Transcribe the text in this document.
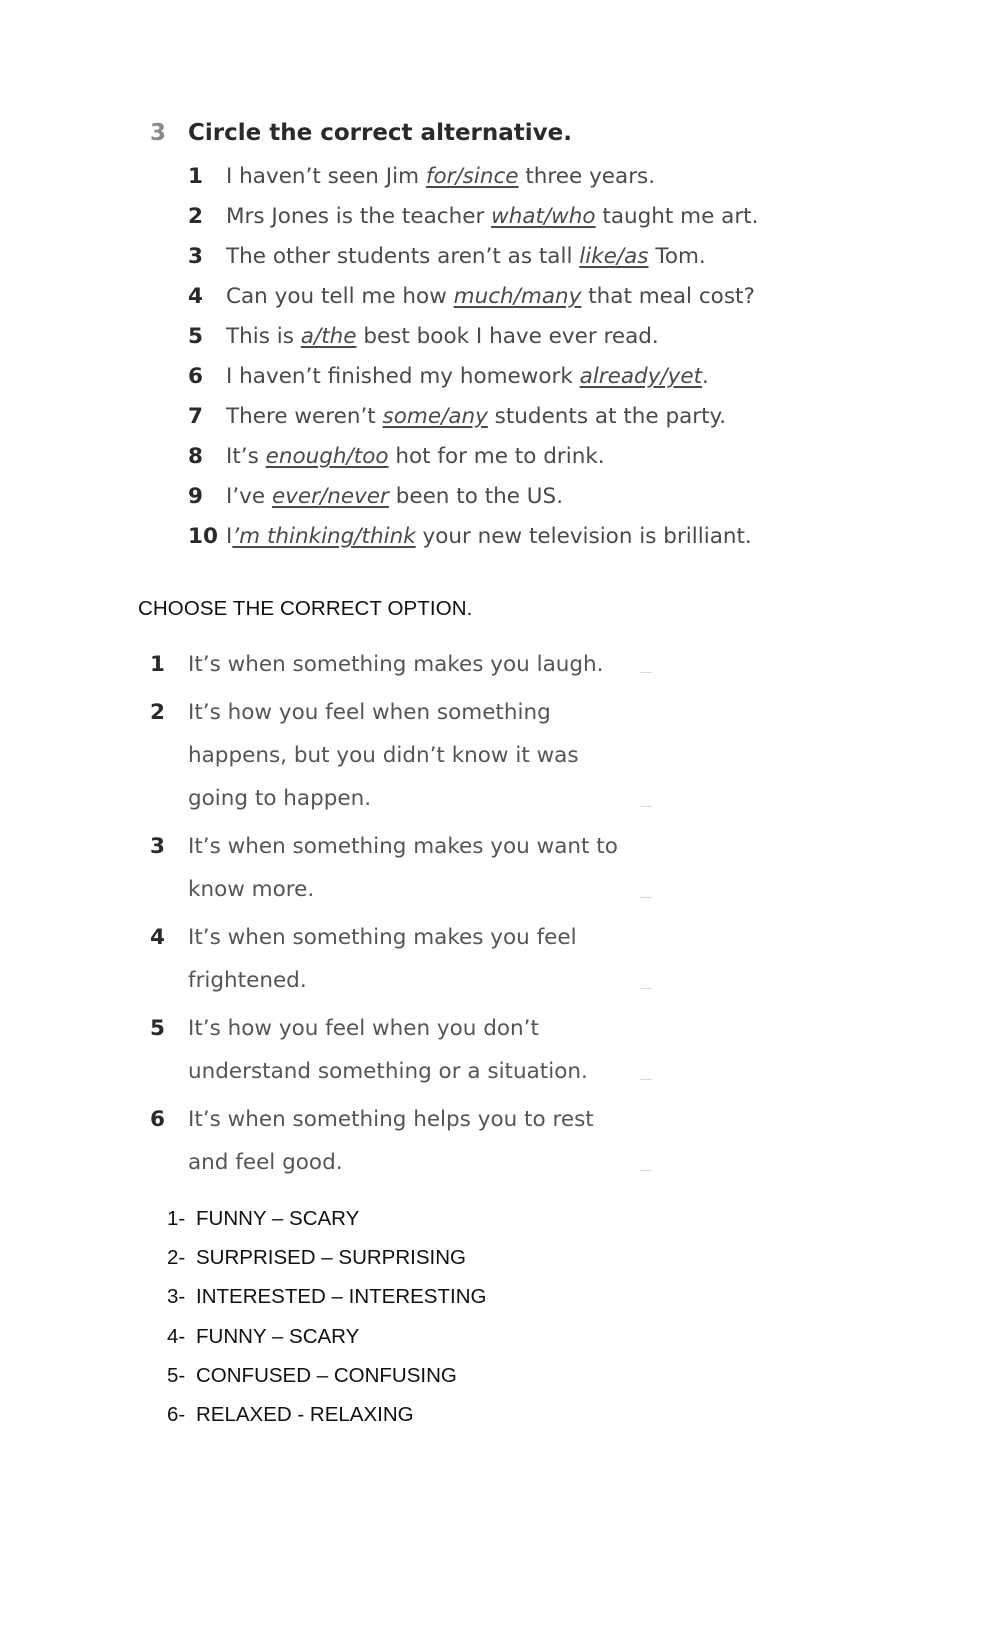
3 Circle the correct alternative.
1	I haven’t seen Jim for/since three years.
2	Mrs Jones is the teacher what/who taught me art.
3	The other students aren’t as tall like/as Tom.
4	Can you tell me how much/many that meal cost?
5	This is a/the best book I have ever read.
6	I haven’t finished my homework already/yet.
7	There weren’t some/any students at the party.
8	It’s enough/too hot for me to drink.
9	I’ve ever/never been to the US.
10 I’m thinking/think your new television is brilliant.
CHOOSE THE CORRECT OPTION.
1	It’s when something makes you laugh.	......
2	It’s how you feel when something happens, but you didn’t know it was going to happen.	......
3	It’s when something makes you want to know more.	......
4	It’s when something makes you feel frightened.	......
5	It’s how you feel when you don’t understand something or a situation.	......
6	It’s when something helps you to rest and feel good.	......
1- FUNNY – SCARY
2- SURPRISED – SURPRISING
3- INTERESTED – INTERESTING
4- FUNNY – SCARY
5- CONFUSED – CONFUSING
6- RELAXED - RELAXING
